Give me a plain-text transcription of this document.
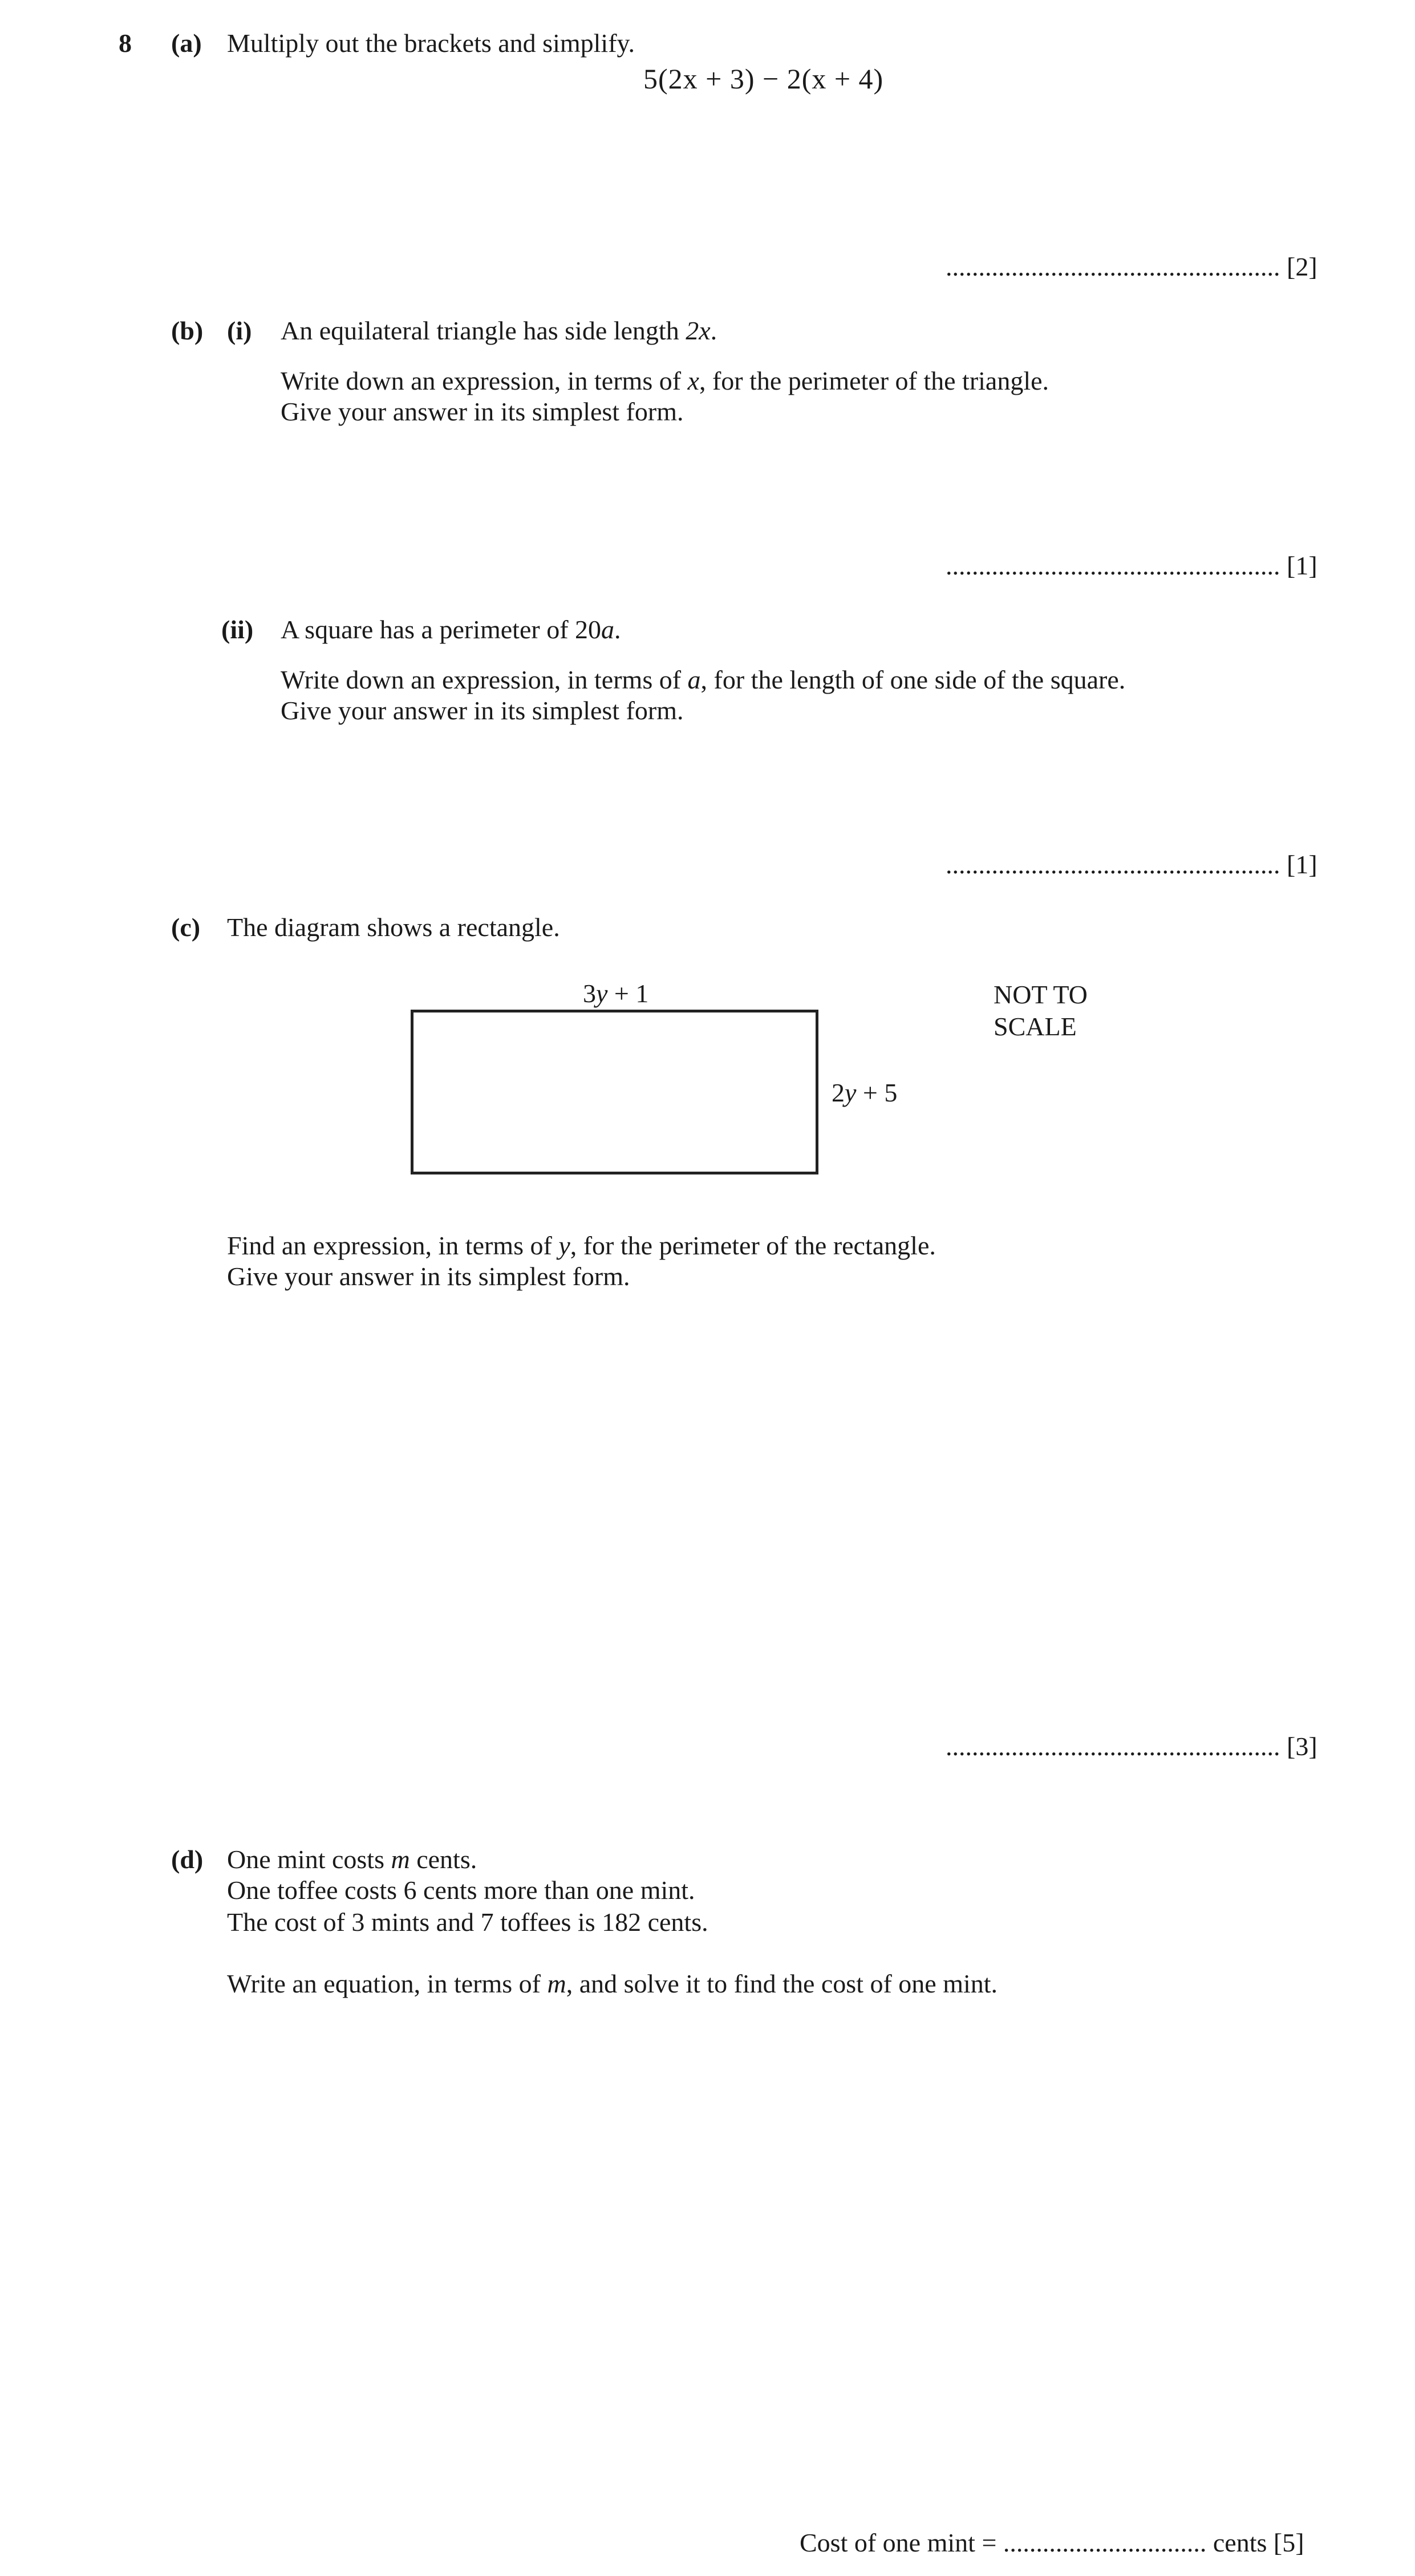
8 (a) Multiply out the brackets and simplify.
5(2x + 3) − 2(x + 4)
................................................... [2]
(b) (i) An equilateral triangle has side length 2x.
Write down an expression, in terms of x, for the perimeter of the triangle.
Give your answer in its simplest form.
................................................... [1]
(ii) A square has a perimeter of 20a.
Write down an expression, in terms of a, for the length of one side of the square.
Give your answer in its simplest form.
................................................... [1]
(c) The diagram shows a rectangle.
3y + 1
2y + 5
NOT TO
SCALE
Find an expression, in terms of y, for the perimeter of the rectangle.
Give your answer in its simplest form.
................................................... [3]
(d) One mint costs m cents.
One toffee costs 6 cents more than one mint.
The cost of 3 mints and 7 toffees is 182 cents.
Write an equation, in terms of m, and solve it to find the cost of one mint.
Cost of one mint = ............................... cents [5]
